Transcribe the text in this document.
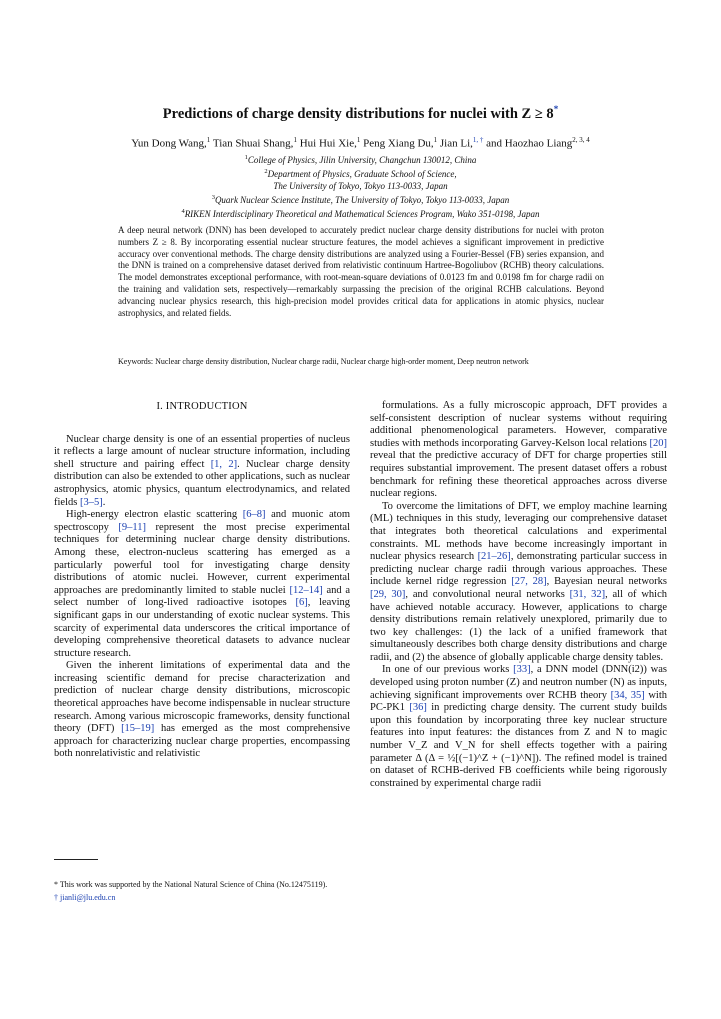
Predictions of charge density distributions for nuclei with Z ≥ 8*
Yun Dong Wang,$^1$ Tian Shuai Shang,$^1$ Hui Hui Xie,$^1$ Peng Xiang Du,$^1$ Jian Li,$^{1, \dagger}$ and Haozhao Liang$^{2, 3, 4}$
$^1$College of Physics, Jilin University, Changchun 130012, China
$^2$Department of Physics, Graduate School of Science,
The University of Tokyo, Tokyo 113-0033, Japan
$^3$Quark Nuclear Science Institute, The University of Tokyo, Tokyo 113-0033, Japan
$^4$RIKEN Interdisciplinary Theoretical and Mathematical Sciences Program, Wako 351-0198, Japan
A deep neural network (DNN) has been developed to accurately predict nuclear charge density distributions for nuclei with proton numbers Z ≥ 8. By incorporating essential nuclear structure features, the model achieves a significant improvement in predictive accuracy over conventional methods. The charge density distributions are analyzed using a Fourier-Bessel (FB) series expansion, and the DNN is trained on a comprehensive dataset derived from relativistic continuum Hartree-Bogoliubov (RCHB) theory calculations. The model demonstrates exceptional performance, with root-mean-square deviations of 0.0123 fm and 0.0198 fm for charge radii on the training and validation sets, respectively—remarkably surpassing the precision of the original RCHB calculations. Beyond advancing nuclear physics research, this high-precision model provides critical data for applications in atomic physics, nuclear astrophysics, and related fields.
Keywords: Nuclear charge density distribution, Nuclear charge radii, Nuclear charge high-order moment, Deep neutron network
I. INTRODUCTION

Nuclear charge density is one of an essential properties of nucleus it reflects a large amount of nuclear structure information, including shell structure and pairing effect [1, 2]. Nuclear charge density distribution can also be extended to other applications, such as nuclear astrophysics, atomic physics, quantum electrodynamics, and related fields [3–5].

High-energy electron elastic scattering [6–8] and muonic atom spectroscopy [9–11] represent the most precise experimental techniques for determining nuclear charge density distributions. Among these, electron-nucleus scattering has emerged as a particularly powerful tool for investigating charge density distributions of atomic nuclei. However, current experimental approaches are predominantly limited to stable nuclei [12–14] and a select number of long-lived radioactive isotopes [6], leaving significant gaps in our understanding of exotic nuclear systems. This scarcity of experimental data underscores the critical importance of developing comprehensive theoretical datasets to advance nuclear structure research.

Given the inherent limitations of experimental data and the increasing scientific demand for precise characterization and prediction of nuclear charge density distributions, microscopic theoretical approaches have become indispensable in nuclear structure research. Among various microscopic frameworks, density functional theory (DFT) [15–19] has emerged as the most comprehensive approach for characterizing nuclear charge properties, encompassing both nonrelativistic and relativistic

formulations. As a fully microscopic approach, DFT provides a self-consistent description of nuclear systems without requiring additional phenomenological parameters. However, comparative studies with methods incorporating Garvey-Kelson local relations [20] reveal that the predictive accuracy of DFT for charge properties still requires substantial improvement. The present dataset offers a robust benchmark for refining these theoretical approaches across diverse nuclear regions.

To overcome the limitations of DFT, we employ machine learning (ML) techniques in this study, leveraging our comprehensive dataset that integrates both theoretical calculations and experimental constraints. ML methods have become increasingly important in nuclear physics research [21–26], demonstrating particular success in predicting nuclear charge radii through various approaches. These include kernel ridge regression [27, 28], Bayesian neural networks [29, 30], and convolutional neural networks [31, 32], all of which have achieved notable accuracy. However, applications to charge density distributions remain relatively unexplored, primarily due to two key challenges: (1) the lack of a unified framework that simultaneously describes both charge density distributions and charge radii, and (2) the absence of globally applicable charge density tables.

In one of our previous works [33], a DNN model (DNN(i2)) was developed using proton number (Z) and neutron number (N) as inputs, achieving significant improvements over RCHB theory [34, 35] with PC-PK1 [36] in predicting charge density. The current study builds upon this foundation by incorporating three key nuclear structure features into input features: the distances from Z and N to magic number V_Z and V_N for shell effects together with a pairing parameter Δ (Δ = ½[(−1)^Z + (−1)^N]). The refined model is trained on dataset of RCHB-derived FB coefficients while being rigorously constrained by experimental charge radii

* This work was supported by the National Natural Science of China (No.12475119).
† jianli@jlu.edu.cn
